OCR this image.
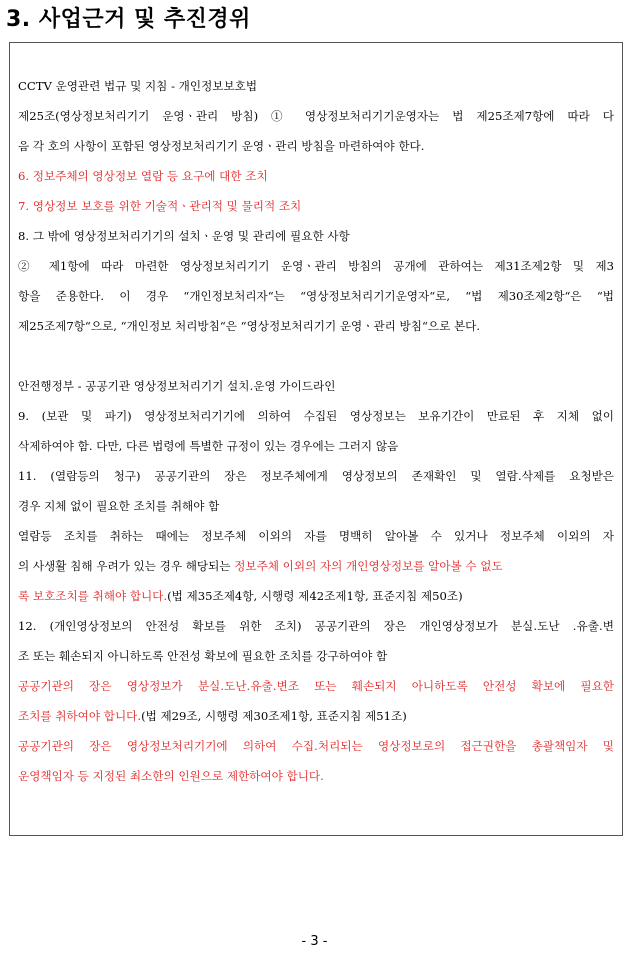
3. 사업근거 및 추진경위
CCTV 운영관련 법규 및 지침 - 개인정보보호법
제25조(영상정보처리기기 운영ㆍ관리 방침) ① 영상정보처리기기운영자는 법 제25조제7항에 따라 다
음 각 호의 사항이 포함된 영상정보처리기기 운영ㆍ관리 방침을 마련하여야 한다.
6. 정보주체의 영상정보 열람 등 요구에 대한 조치
7. 영상정보 보호를 위한 기술적ㆍ관리적 및 물리적 조치
8. 그 밖에 영상정보처리기기의 설치ㆍ운영 및 관리에 필요한 사항
② 제1항에 따라 마련한 영상정보처리기기 운영ㆍ관리 방침의 공개에 관하여는 제31조제2항 및 제3
항을 준용한다. 이 경우 “개인정보처리자“는 “영상정보처리기기운영자“로, “법 제30조제2항“은 “법
제25조제7항“으로, “개인정보 처리방침“은 “영상정보처리기기 운영ㆍ관리 방침“으로 본다.
안전행정부 - 공공기관 영상정보처리기기 설치․운영 가이드라인
9. (보관 및 파기) 영상정보처리기기에 의하여 수집된 영상정보는 보유기간이 만료된 후 지체 없이
삭제하여야 함. 다만, 다른 법령에 특별한 규정이 있는 경우에는 그러지 않음
11. (열람등의 청구) 공공기관의 장은 정보주체에게 영상정보의 존재확인 및 열람․삭제를 요청받은
경우 지체 없이 필요한 조치를 취해야 함
열람등 조치를 취하는 때에는 정보주체 이외의 자를 명백히 알아볼 수 있거나 정보주체 이외의 자
의 사생활 침해 우려가 있는 경우 해당되는 정보주체 이외의 자의 개인영상정보를 알아볼 수 없도
록 보호조치를 취해야 합니다.(법 제35조제4항, 시행령 제42조제1항, 표준지침 제50조)
12. (개인영상정보의 안전성 확보를 위한 조치) 공공기관의 장은 개인영상정보가 분실․도난 ․유출․변
조 또는 훼손되지 아니하도록 안전성 확보에 필요한 조치를 강구하여야 함
공공기관의 장은 영상정보가 분실․도난․유출․변조 또는 훼손되지 아니하도록 안전성 확보에 필요한
조치를 취하여야 합니다.(법 제29조, 시행령 제30조제1항, 표준지침 제51조)
공공기관의 장은 영상정보처리기기에 의하여 수집․처리되는 영상정보로의 접근권한을 총괄책임자 및
운영책임자 등 지정된 최소한의 인원으로 제한하여야 합니다.
- 3 -
